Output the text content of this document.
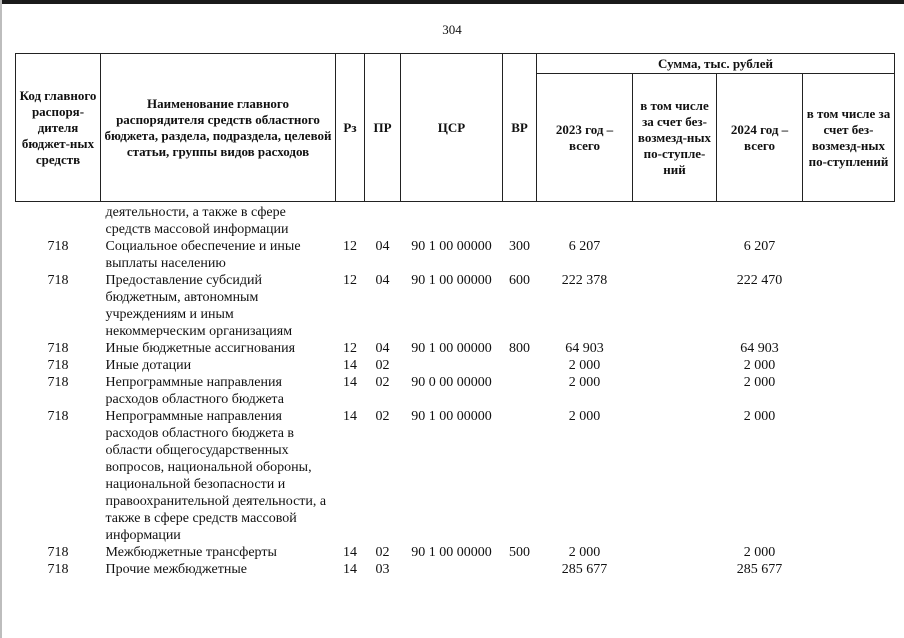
304
Код главного распоря-дителя бюджет-ных средств	Наименование главного распорядителя средств областного бюджета, раздела, подраздела, целевой статьи, группы видов расходов	Рз	ПР	ЦСР	ВР	Сумма, тыс. рублей			
						2023 год – всего	в том числе за счет без-возмезд-ных по-ступле-ний	2024 год – всего	в том числе за счет без-возмезд-ных по-ступлений

	деятельности, а также в сфере средств массовой информации								
718	Социальное обеспечение и иные выплаты населению	12	04	90 1 00 00000	300	6 207		6 207	
718	Предоставление субсидий бюджетным, автономным учреждениям и иным некоммерческим организациям	12	04	90 1 00 00000	600	222 378		222 470	
718	Иные бюджетные ассигнования	12	04	90 1 00 00000	800	64 903		64 903	
718	Иные дотации	14	02			2 000		2 000	
718	Непрограммные направления расходов областного бюджета	14	02	90 0 00 00000		2 000		2 000	
718	Непрограммные направления расходов областного бюджета в области общегосударственных вопросов, национальной обороны, национальной безопасности и правоохранительной деятельности, а также в сфере средств массовой информации	14	02	90 1 00 00000		2 000		2 000	
718	Межбюджетные трансферты	14	02	90 1 00 00000	500	2 000		2 000	
718	Прочие межбюджетные	14	03			285 677		285 677	
